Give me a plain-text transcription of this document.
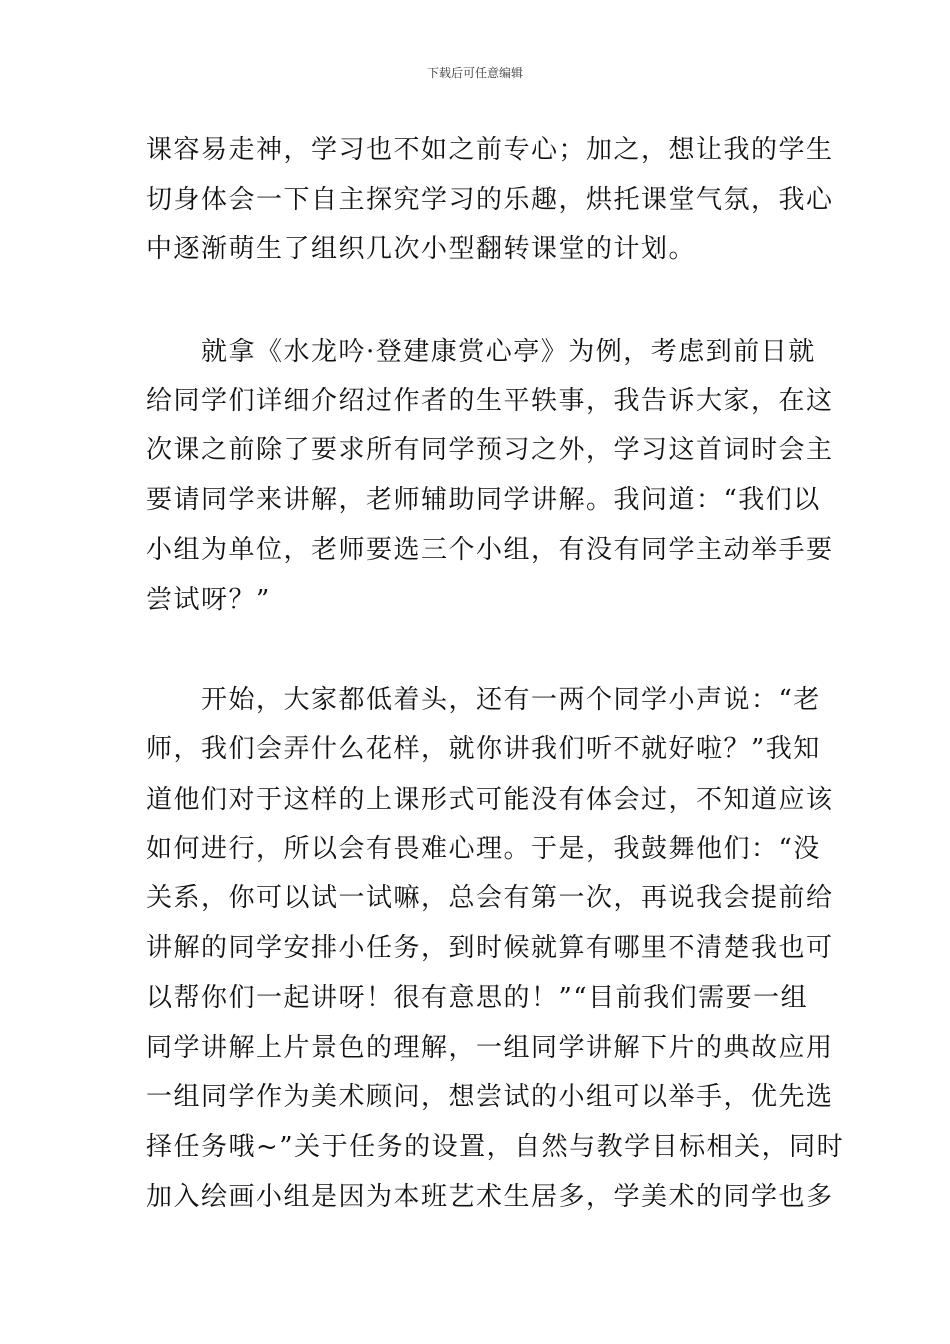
下载后可任意编辑
课容易走神，学习也不如之前专心；加之，想让我的学生
切身体会一下自主探究学习的乐趣，烘托课堂气氛，我心
中逐渐萌生了组织几次小型翻转课堂的计划。
　　就拿《水龙吟·登建康赏心亭》为例，考虑到前日就
给同学们详细介绍过作者的生平轶事，我告诉大家，在这
次课之前除了要求所有同学预习之外，学习这首词时会主
要请同学来讲解，老师辅助同学讲解。我问道：“我们以
小组为单位，老师要选三个小组，有没有同学主动举手要
尝试呀？”
　　开始，大家都低着头，还有一两个同学小声说：“老
师，我们会弄什么花样，就你讲我们听不就好啦？”我知
道他们对于这样的上课形式可能没有体会过，不知道应该
如何进行，所以会有畏难心理。于是，我鼓舞他们：“没
关系，你可以试一试嘛，总会有第一次，再说我会提前给
讲解的同学安排小任务，到时候就算有哪里不清楚我也可
以帮你们一起讲呀！很有意思的！”“目前我们需要一组
同学讲解上片景色的理解，一组同学讲解下片的典故应用
一组同学作为美术顾问，想尝试的小组可以举手，优先选
择任务哦~”关于任务的设置，自然与教学目标相关，同时
加入绘画小组是因为本班艺术生居多，学美术的同学也多
